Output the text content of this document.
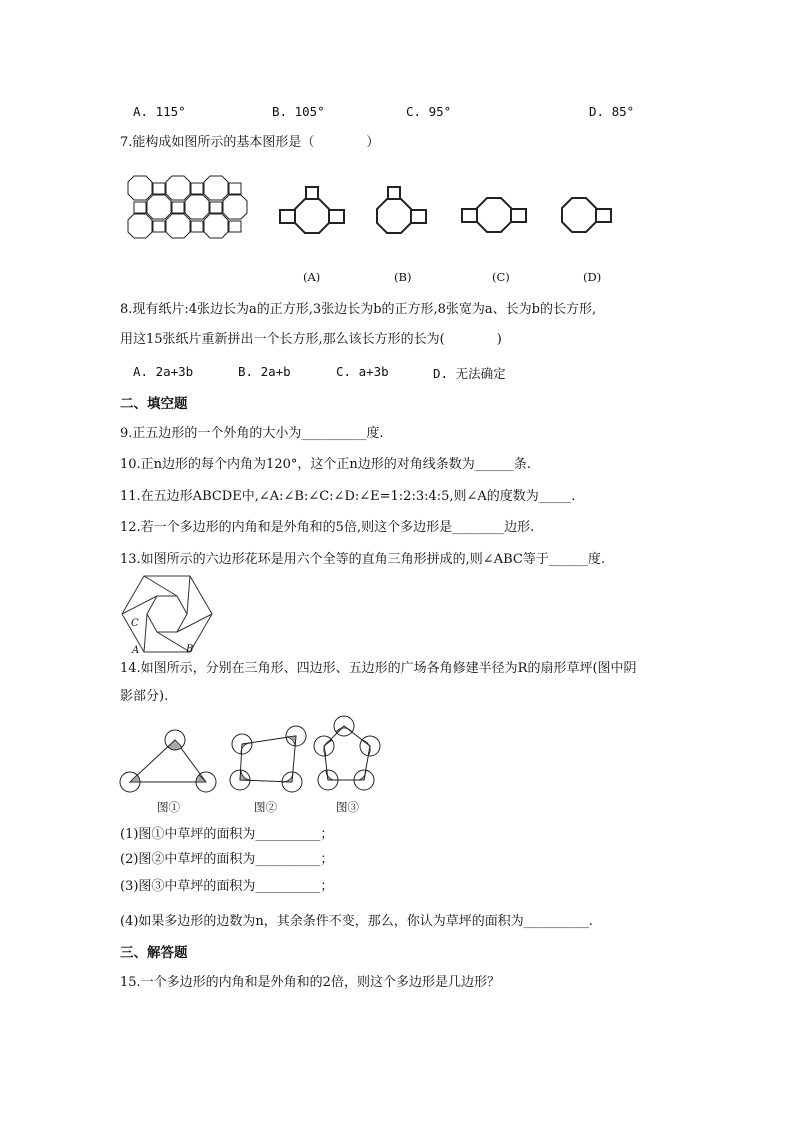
A. 115°	B. 105°	C. 95°	D. 85°
7.能构成如图所示的基本图形是（　　　　）
(A)	(B)	(C)	(D)
8.现有纸片:4张边长为a的正方形,3张边长为b的正方形,8张宽为a、长为b的长方形,
用这15张纸片重新拼出一个长方形,那么该长方形的长为(　　　　)
A. 2a+3b	B. 2a+b	C. a+3b	D. 无法确定
二、填空题
9.正五边形的一个外角的大小为__________度.
10.正n边形的每个内角为120°，这个正n边形的对角线条数为______条.
11.在五边形ABCDE中,∠A:∠B:∠C:∠D:∠E=1:2:3:4:5,则∠A的度数为_____.
12.若一个多边形的内角和是外角和的5倍,则这个多边形是________边形.
13.如图所示的六边形花环是用六个全等的直角三角形拼成的,则∠ABC等于______度.
C
A	B
14.如图所示，分别在三角形、四边形、五边形的广场各角修建半径为R的扇形草坪(图中阴
影部分).
图①	图②	图③
(1)图①中草坪的面积为__________；
(2)图②中草坪的面积为__________；
(3)图③中草坪的面积为__________；
(4)如果多边形的边数为n，其余条件不变，那么，你认为草坪的面积为__________.
三、解答题
15.一个多边形的内角和是外角和的2倍，则这个多边形是几边形？
